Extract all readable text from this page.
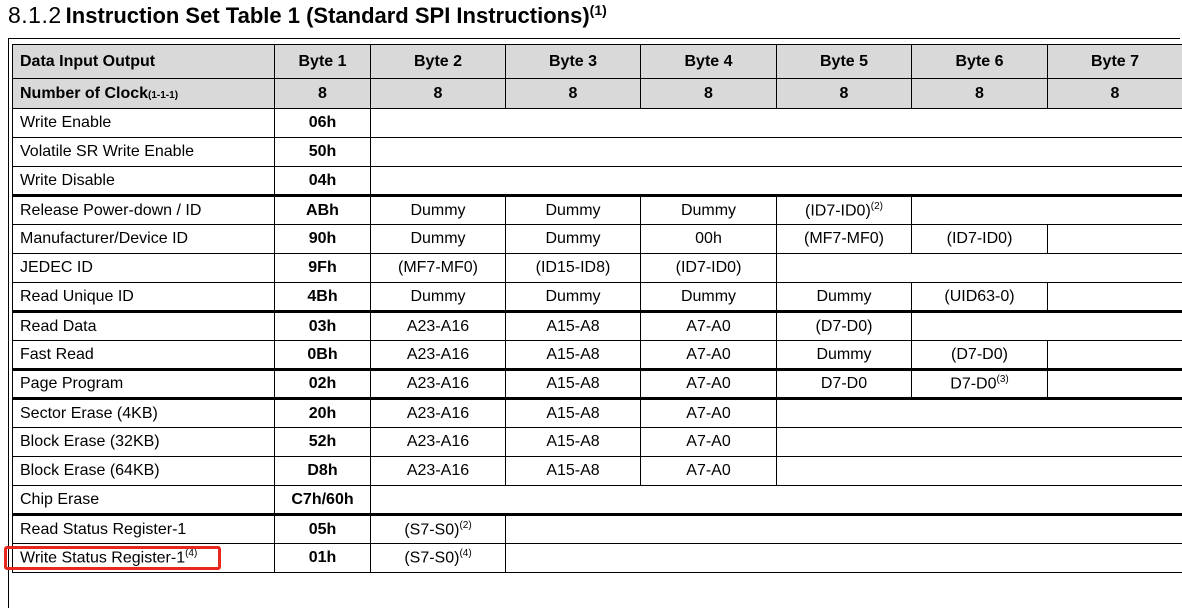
8.1.2 Instruction Set Table 1 (Standard SPI Instructions)$^{(1)}$
Data Input Output	Byte 1	Byte 2	Byte 3	Byte 4	Byte 5	Byte 6	Byte 7
Number of Clock(1-1-1)	8	8	8	8	8	8	8
Write Enable	06h						
Volatile SR Write Enable	50h						
Write Disable	04h						
Release Power-down / ID	ABh	Dummy	Dummy	Dummy	$(ID7-ID0)^{(2)}$	
Manufacturer/Device ID	90h	Dummy	Dummy	00h	(MF7-MF0)	(ID7-ID0)	
JEDEC ID	9Fh	(MF7-MF0)	(ID15-ID8)	(ID7-ID0)			
Read Unique ID	4Bh	Dummy	Dummy	Dummy	Dummy	(UID63-0)	
Read Data	03h	A23-A16	A15-A8	A7-A0	(D7-D0)		
Fast Read	0Bh	A23-A16	A15-A8	A7-A0	Dummy	(D7-D0)	
Page Program	02h	A23-A16	A15-A8	A7-A0	D7-D0	D7-D0$^{(3)}$	
Sector Erase (4KB)	20h	A23-A16	A15-A8	A7-A0			
Block Erase (32KB)	52h	A23-A16	A15-A8	A7-A0			
Block Erase (64KB)	D8h	A23-A16	A15-A8	A7-A0			
Chip Erase	C7h/60h						
Read Status Register-1	05h	$(S7-S0)^{(2)}$	
Write Status Register-1$^{(4)}$	01h	$(S7-S0)^{(4)}$	
